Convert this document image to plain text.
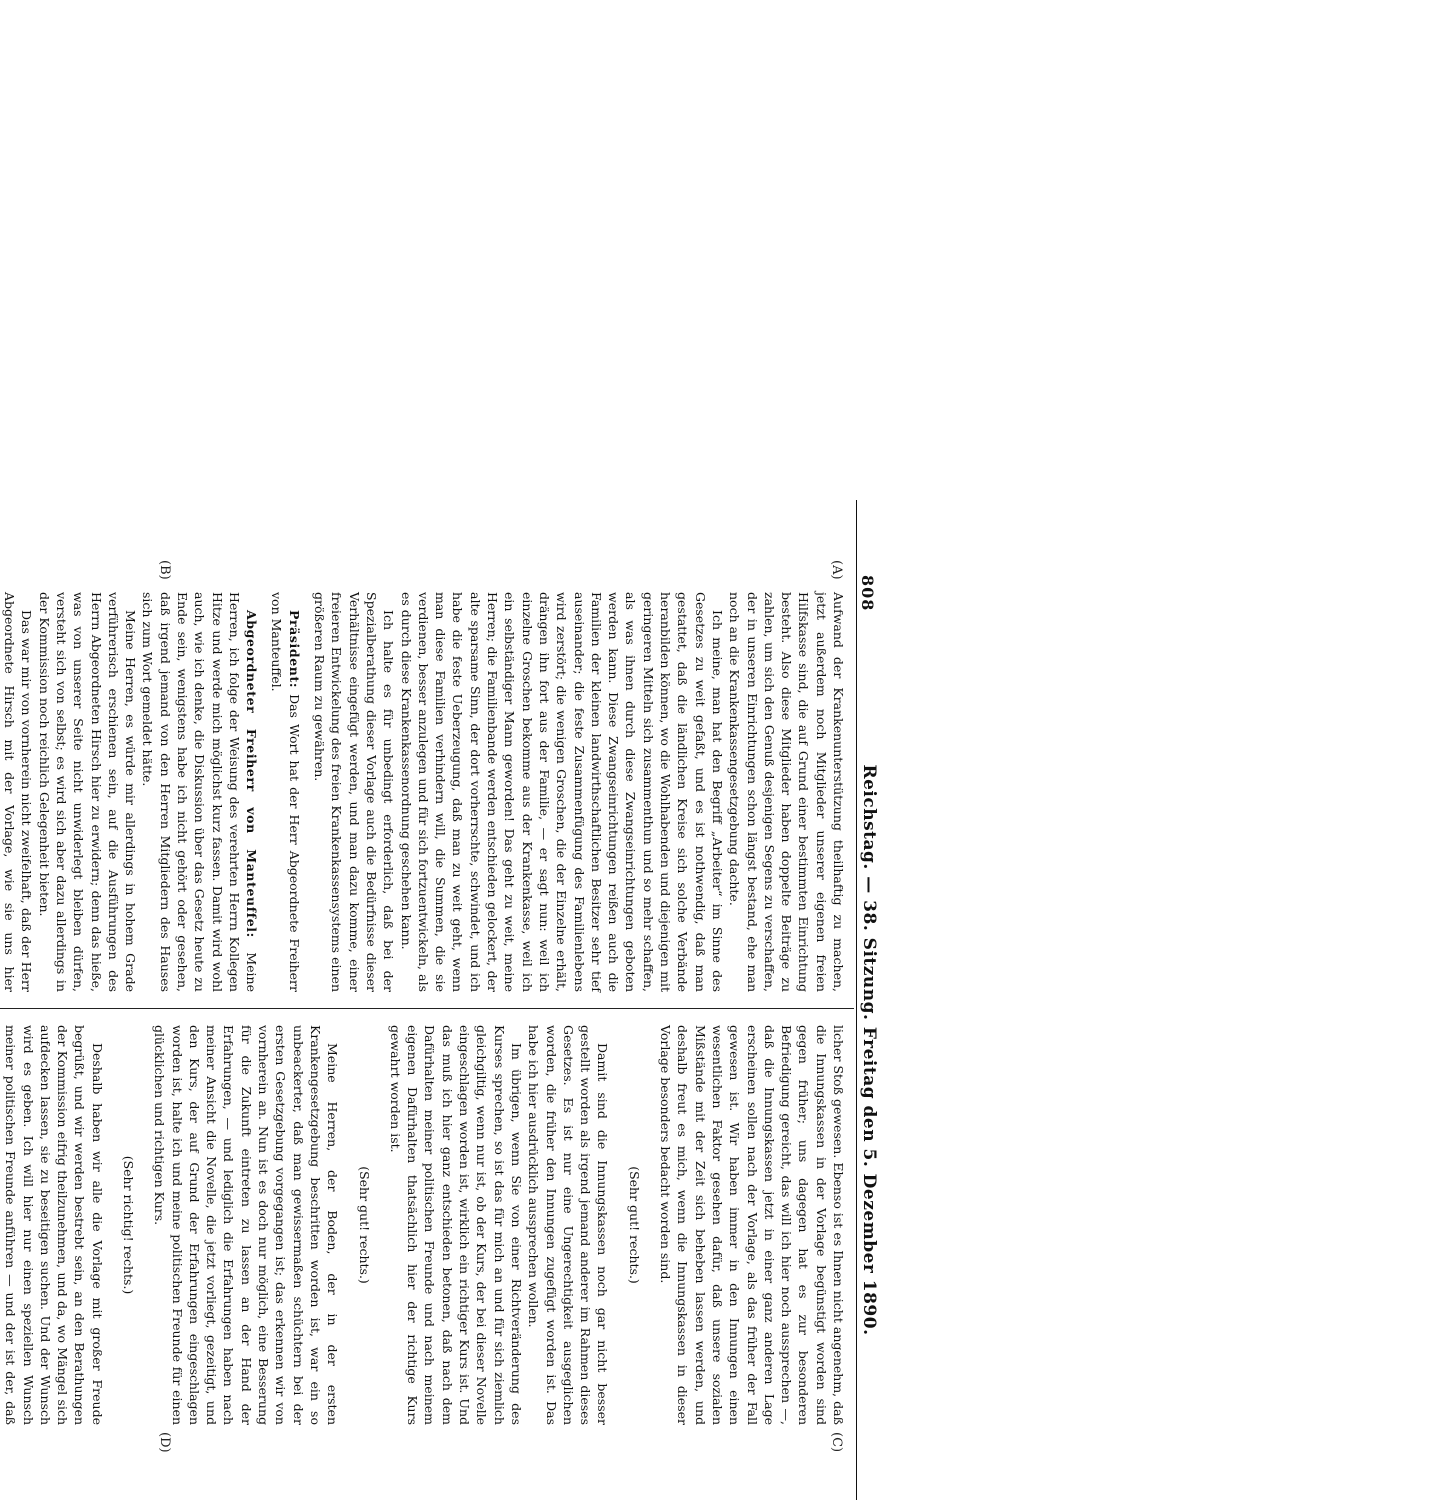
808
Reichstag. — 38. Sitzung. Freitag den 5. Dezember 1890.
(A)
(B)
(C)
(D)

Aufwand der Krankenunterstützung theilhaftig zu machen, jetzt außerdem noch Mitglieder unserer eigenen freien Hilfskasse sind, die auf Grund einer bestimmten Einrichtung besteht. Also diese Mitglieder haben doppelte Beiträge zu zahlen, um sich den Genuß desjenigen Segens zu verschaffen, der in unseren Einrichtungen schon längst bestand, ehe man noch an die Krankenkassengesetzgebung dachte.

Ich meine, man hat den Begriff „Arbeiter“ im Sinne des Gesetzes zu weit gefaßt, und es ist nothwendig, daß man gestattet, daß die ländlichen Kreise sich solche Verbände heranbilden können, wo die Wohlhabenden und diejenigen mit geringeren Mitteln sich zusammenthun und so mehr schaffen, als was ihnen durch diese Zwangseinrichtungen geboten werden kann. Diese Zwangseinrichtungen reißen auch die Familien der kleinen landwirthschaftlichen Besitzer sehr tief auseinander; die feste Zusammenfügung des Familienlebens wird zerstört; die wenigen Groschen, die der Einzelne erhält, drängen ihn fort aus der Familie, — er sagt nun: weil ich einzelne Groschen bekomme aus der Krankenkasse, weil ich ein selbständiger Mann geworden! Das geht zu weit, meine Herren; die Familienbande werden entschieden gelockert, der alte sparsame Sinn, der dort vorherrschte, schwindet, und ich habe die feste Ueberzeugung, daß man zu weit geht, wenn man diese Familien verhindern will, die Summen, die sie verdienen, besser anzulegen und für sich fortzuentwickeln, als es durch diese Krankenkassenordnung geschehen kann.

Ich halte es für unbedingt erforderlich, daß bei der Spezialberathung dieser Vorlage auch die Bedürfnisse dieser Verhältnisse eingefügt werden, und man dazu komme, einer freieren Entwickelung des freien Krankenkassensystems einen größeren Raum zu gewähren.

Präsident: Das Wort hat der Herr Abgeordnete Freiherr von Manteuffel.

Abgeordneter Freiherr von Manteuffel: Meine Herren, ich folge der Weisung des verehrten Herrn Kollegen Hitze und werde mich möglichst kurz fassen. Damit wird wohl auch, wie ich denke, die Diskussion über das Gesetz heute zu Ende sein, wenigstens habe ich nicht gehört oder gesehen, daß irgend jemand von den Herren Mitgliedern des Hauses sich zum Wort gemeldet hätte.

Meine Herren, es würde mir allerdings in hohem Grade verführerisch erschienen sein, auf die Ausführungen des Herrn Abgeordneten Hirsch hier zu erwidern; denn das hieße, was von unserer Seite nicht unwiderlegt bleiben dürfen, versteht sich von selbst; es wird sich aber dazu allerdings in der Kommission noch reichlich Gelegenheit bieten.

Das war mir von vornherein nicht zweifelhaft, daß der Herr Abgeordnete Hirsch mit der Vorlage, wie sie uns hier

licher Stoß gewesen. Ebenso ist es Ihnen nicht angenehm, daß die Innungskassen in der Vorlage begünstigt worden sind gegen früher; uns dagegen hat es zur besonderen Befriedigung gereicht, das will ich hier noch aussprechen —, daß die Innungskassen jetzt in einer ganz anderen Lage erscheinen sollen nach der Vorlage, als das früher der Fall gewesen ist. Wir haben immer in den Innungen einen wesentlichen Faktor gesehen dafür, daß unsere sozialen Mißstände mit der Zeit sich beheben lassen werden, und deshalb freut es mich, wenn die Innungskassen in dieser Vorlage besonders bedacht worden sind.

(Sehr gut! rechts.)

Damit sind die Innungskassen noch gar nicht besser gestellt worden als irgend jemand anderer im Rahmen dieses Gesetzes. Es ist nur eine Ungerechtigkeit ausgeglichen worden, die früher den Innungen zugefügt worden ist. Das habe ich hier ausdrücklich aussprechen wollen.

Im übrigen, wenn Sie von einer Richtveränderung des Kurses sprechen, so ist das für mich an und für sich ziemlich gleichgiltig, wenn nur ist, ob der Kurs, der bei dieser Novelle eingeschlagen worden ist, wirklich ein richtiger Kurs ist. Und das muß ich hier ganz entschieden betonen, daß nach dem Dafürhalten meiner politischen Freunde und nach meinem eigenen Dafürhalten thatsächlich hier der richtige Kurs gewahrt worden ist.

(Sehr gut! rechts.)

Meine Herren, der Boden, der in der ersten Krankengesetzgebung beschritten worden ist, war ein so unbeackerter, daß man gewissermaßen schüchtern bei der ersten Gesetzgebung vorgegangen ist; das erkennen wir von vornherein an. Nun ist es doch nur möglich, eine Besserung für die Zukunft eintreten zu lassen an der Hand der Erfahrungen, — und lediglich die Erfahrungen haben nach meiner Ansicht die Novelle, die jetzt vorliegt, gezeitigt, und den Kurs, der auf Grund der Erfahrungen eingeschlagen worden ist, halte ich und meine politischen Freunde für einen glücklichen und richtigen Kurs.

(Sehr richtig! rechts.)

Deshalb haben wir alle die Vorlage mit großer Freude begrüßt, und wir werden bestrebt sein, an den Berathungen der Kommission eifrig theilzunehmen, und da, wo Mängel sich aufdecken lassen, sie zu beseitigen suchen. Und der Wunsch wird es geben. Ich will hier nur einen speziellen Wunsch meiner politischen Freunde anführen — und der ist der, daß
